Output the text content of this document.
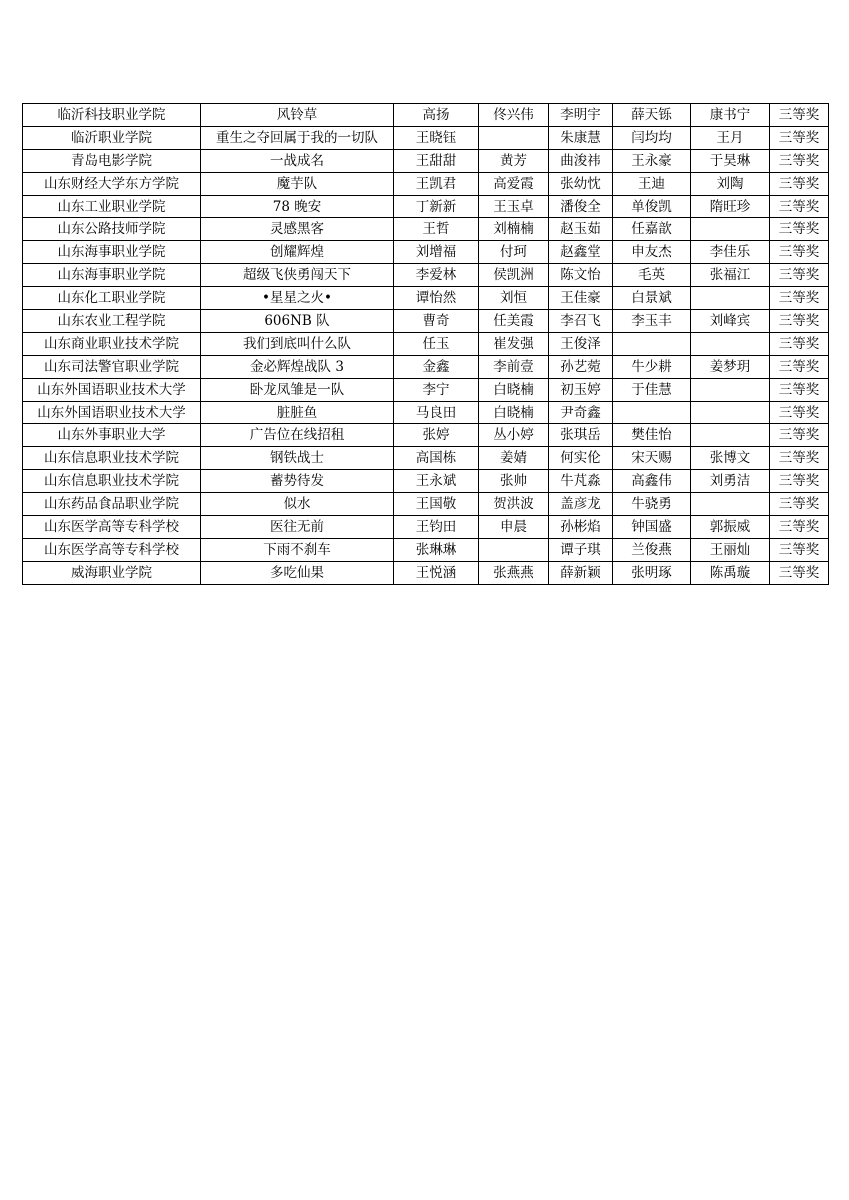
临沂科技职业学院	风铃草	高扬	佟兴伟	李明宇	薛天铄	康书宁	三等奖
临沂职业学院	重生之夺回属于我的一切队	王晓钰		朱康慧	闫均均	王月	三等奖
青岛电影学院	一战成名	王甜甜	黄芳	曲浚祎	王永豪	于昊琳	三等奖
山东财经大学东方学院	魔芋队	王凯君	高爱霞	张幼忱	王迪	刘陶	三等奖
山东工业职业学院	78 晚安	丁新新	王玉卓	潘俊全	单俊凯	隋旺珍	三等奖
山东公路技师学院	灵感黑客	王哲	刘楠楠	赵玉茹	任嘉歆		三等奖
山东海事职业学院	创耀辉煌	刘增福	付珂	赵鑫堂	申友杰	李佳乐	三等奖
山东海事职业学院	超级飞侠勇闯天下	李爱林	侯凯洲	陈文怡	毛英	张福江	三等奖
山东化工职业学院	•星星之火•	谭怡然	刘恒	王佳豪	白景斌		三等奖
山东农业工程学院	606NB 队	曹奇	任美霞	李召飞	李玉丰	刘峰宾	三等奖
山东商业职业技术学院	我们到底叫什么队	任玉	崔发强	王俊泽			三等奖
山东司法警官职业学院	金必辉煌战队 3	金鑫	李前壹	孙艺菀	牛少耕	姜梦玥	三等奖
山东外国语职业技术大学	卧龙凤雏是一队	李宁	白晓楠	初玉婷	于佳慧		三等奖
山东外国语职业技术大学	脏脏鱼	马良田	白晓楠	尹奇鑫			三等奖
山东外事职业大学	广告位在线招租	张婷	丛小婷	张琪岳	樊佳怡		三等奖
山东信息职业技术学院	钢铁战士	高国栋	姜婧	何实伦	宋天赐	张博文	三等奖
山东信息职业技术学院	蓄势待发	王永斌	张帅	牛芃淼	高鑫伟	刘勇洁	三等奖
山东药品食品职业学院	似水	王国敬	贺洪波	盖彦龙	牛骁勇		三等奖
山东医学高等专科学校	医往无前	王钧田	申晨	孙彬焰	钟国盛	郭振威	三等奖
山东医学高等专科学校	下雨不刹车	张琳琳		谭子琪	兰俊燕	王丽灿	三等奖
威海职业学院	多吃仙果	王悦涵	张燕燕	薛新颖	张明琢	陈禹璇	三等奖
